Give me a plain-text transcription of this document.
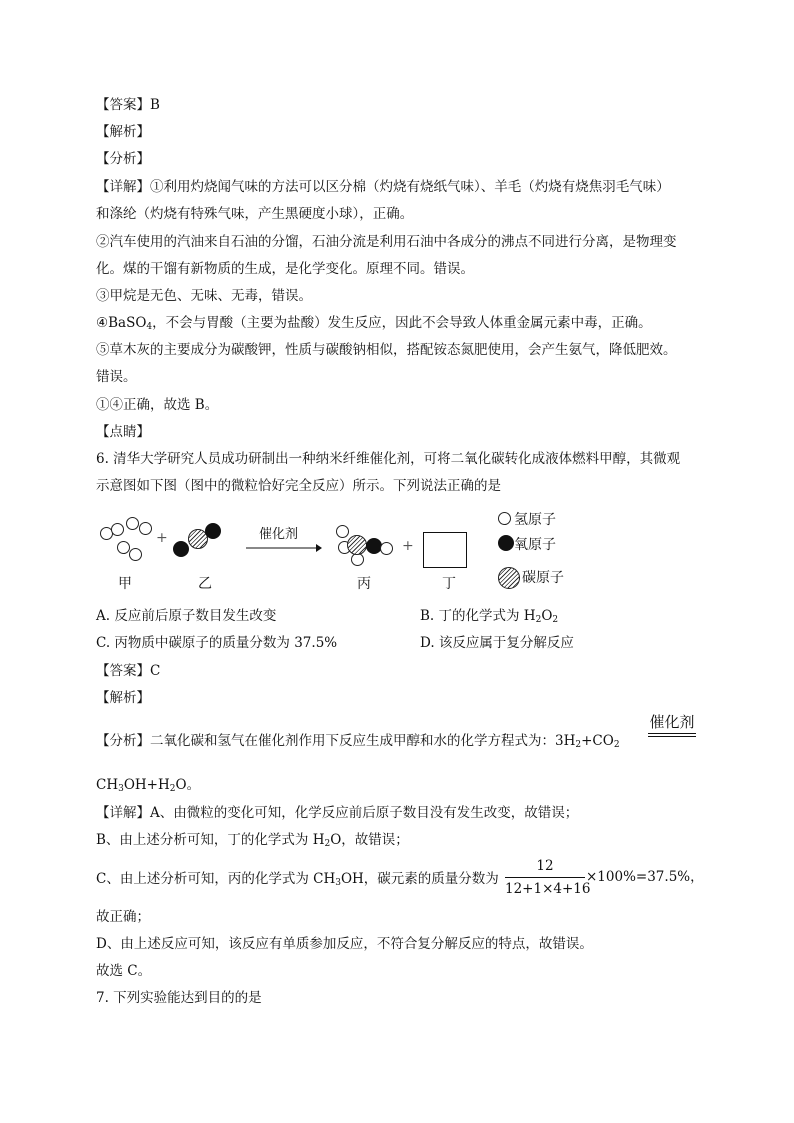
【答案】B
【解析】
【分析】
【详解】①利用灼烧闻气味的方法可以区分棉（灼烧有烧纸气味）、羊毛（灼烧有烧焦羽毛气味）
和涤纶（灼烧有特殊气味，产生黑硬度小球），正确。
②汽车使用的汽油来自石油的分馏，石油分流是利用石油中各成分的沸点不同进行分离，是物理变
化。煤的干馏有新物质的生成，是化学变化。原理不同。错误。
③甲烷是无色、无味、无毒，错误。
④BaSO$_4$，不会与胃酸（主要为盐酸）发生反应，因此不会导致人体重金属元素中毒，正确。
⑤草木灰的主要成分为碳酸钾，性质与碳酸钠相似，搭配铵态氮肥使用，会产生氨气，降低肥效。
错误。
①④正确，故选 B。
【点睛】
6. 清华大学研究人员成功研制出一种纳米纤维催化剂，可将二氧化碳转化成液体燃料甲醇，其微观
示意图如下图（图中的微粒恰好完全反应）所示。下列说法正确的是
甲
+
乙
催化剂
丙
+
丁
氢原子
氧原子
碳原子
A. 反应前后原子数目发生改变	B. 丁的化学式为 $H_2O_2$
C. 丙物质中碳原子的质量分数为 37.5%	D. 该反应属于复分解反应
【答案】C
【解析】
【分析】二氧化碳和氢气在催化剂作用下反应生成甲醇和水的化学方程式为：$3H_2+CO_2$
催化剂
$CH_3OH+H_2O$。
【详解】A、由微粒的变化可知，化学反应前后原子数目没有发生改变，故错误；
B、由上述分析可知，丁的化学式为 $H_2O$，故错误；
C、由上述分析可知，丙的化学式为 $CH_3OH$，碳元素的质量分数为
12
12+1×4+16
×100%=37.5%，
故正确；
D、由上述反应可知，该反应有单质参加反应，不符合复分解反应的特点，故错误。
故选 C。
7. 下列实验能达到目的的是
